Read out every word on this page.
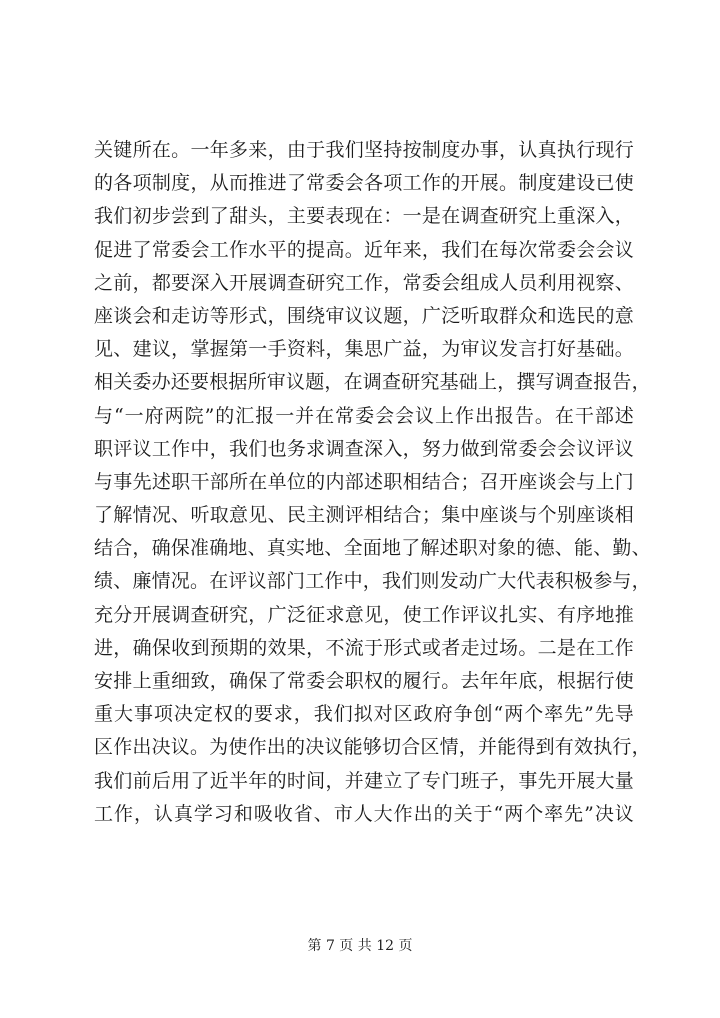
关键所在。一年多来，由于我们坚持按制度办事，认真执行现行
的各项制度，从而推进了常委会各项工作的开展。制度建设已使
我们初步尝到了甜头，主要表现在：一是在调查研究上重深入，
促进了常委会工作水平的提高。近年来，我们在每次常委会会议
之前，都要深入开展调查研究工作，常委会组成人员利用视察、
座谈会和走访等形式，围绕审议议题，广泛听取群众和选民的意
见、建议，掌握第一手资料，集思广益，为审议发言打好基础。
相关委办还要根据所审议题，在调查研究基础上，撰写调查报告，
与“一府两院”的汇报一并在常委会会议上作出报告。在干部述
职评议工作中，我们也务求调查深入，努力做到常委会会议评议
与事先述职干部所在单位的内部述职相结合；召开座谈会与上门
了解情况、听取意见、民主测评相结合；集中座谈与个别座谈相
结合，确保准确地、真实地、全面地了解述职对象的德、能、勤、
绩、廉情况。在评议部门工作中，我们则发动广大代表积极参与，
充分开展调查研究，广泛征求意见，使工作评议扎实、有序地推
进，确保收到预期的效果，不流于形式或者走过场。二是在工作
安排上重细致，确保了常委会职权的履行。去年年底，根据行使
重大事项决定权的要求，我们拟对区政府争创“两个率先”先导
区作出决议。为使作出的决议能够切合区情，并能得到有效执行，
我们前后用了近半年的时间，并建立了专门班子，事先开展大量
工作，认真学习和吸收省、市人大作出的关于“两个率先”决议
第 7 页 共 12 页
